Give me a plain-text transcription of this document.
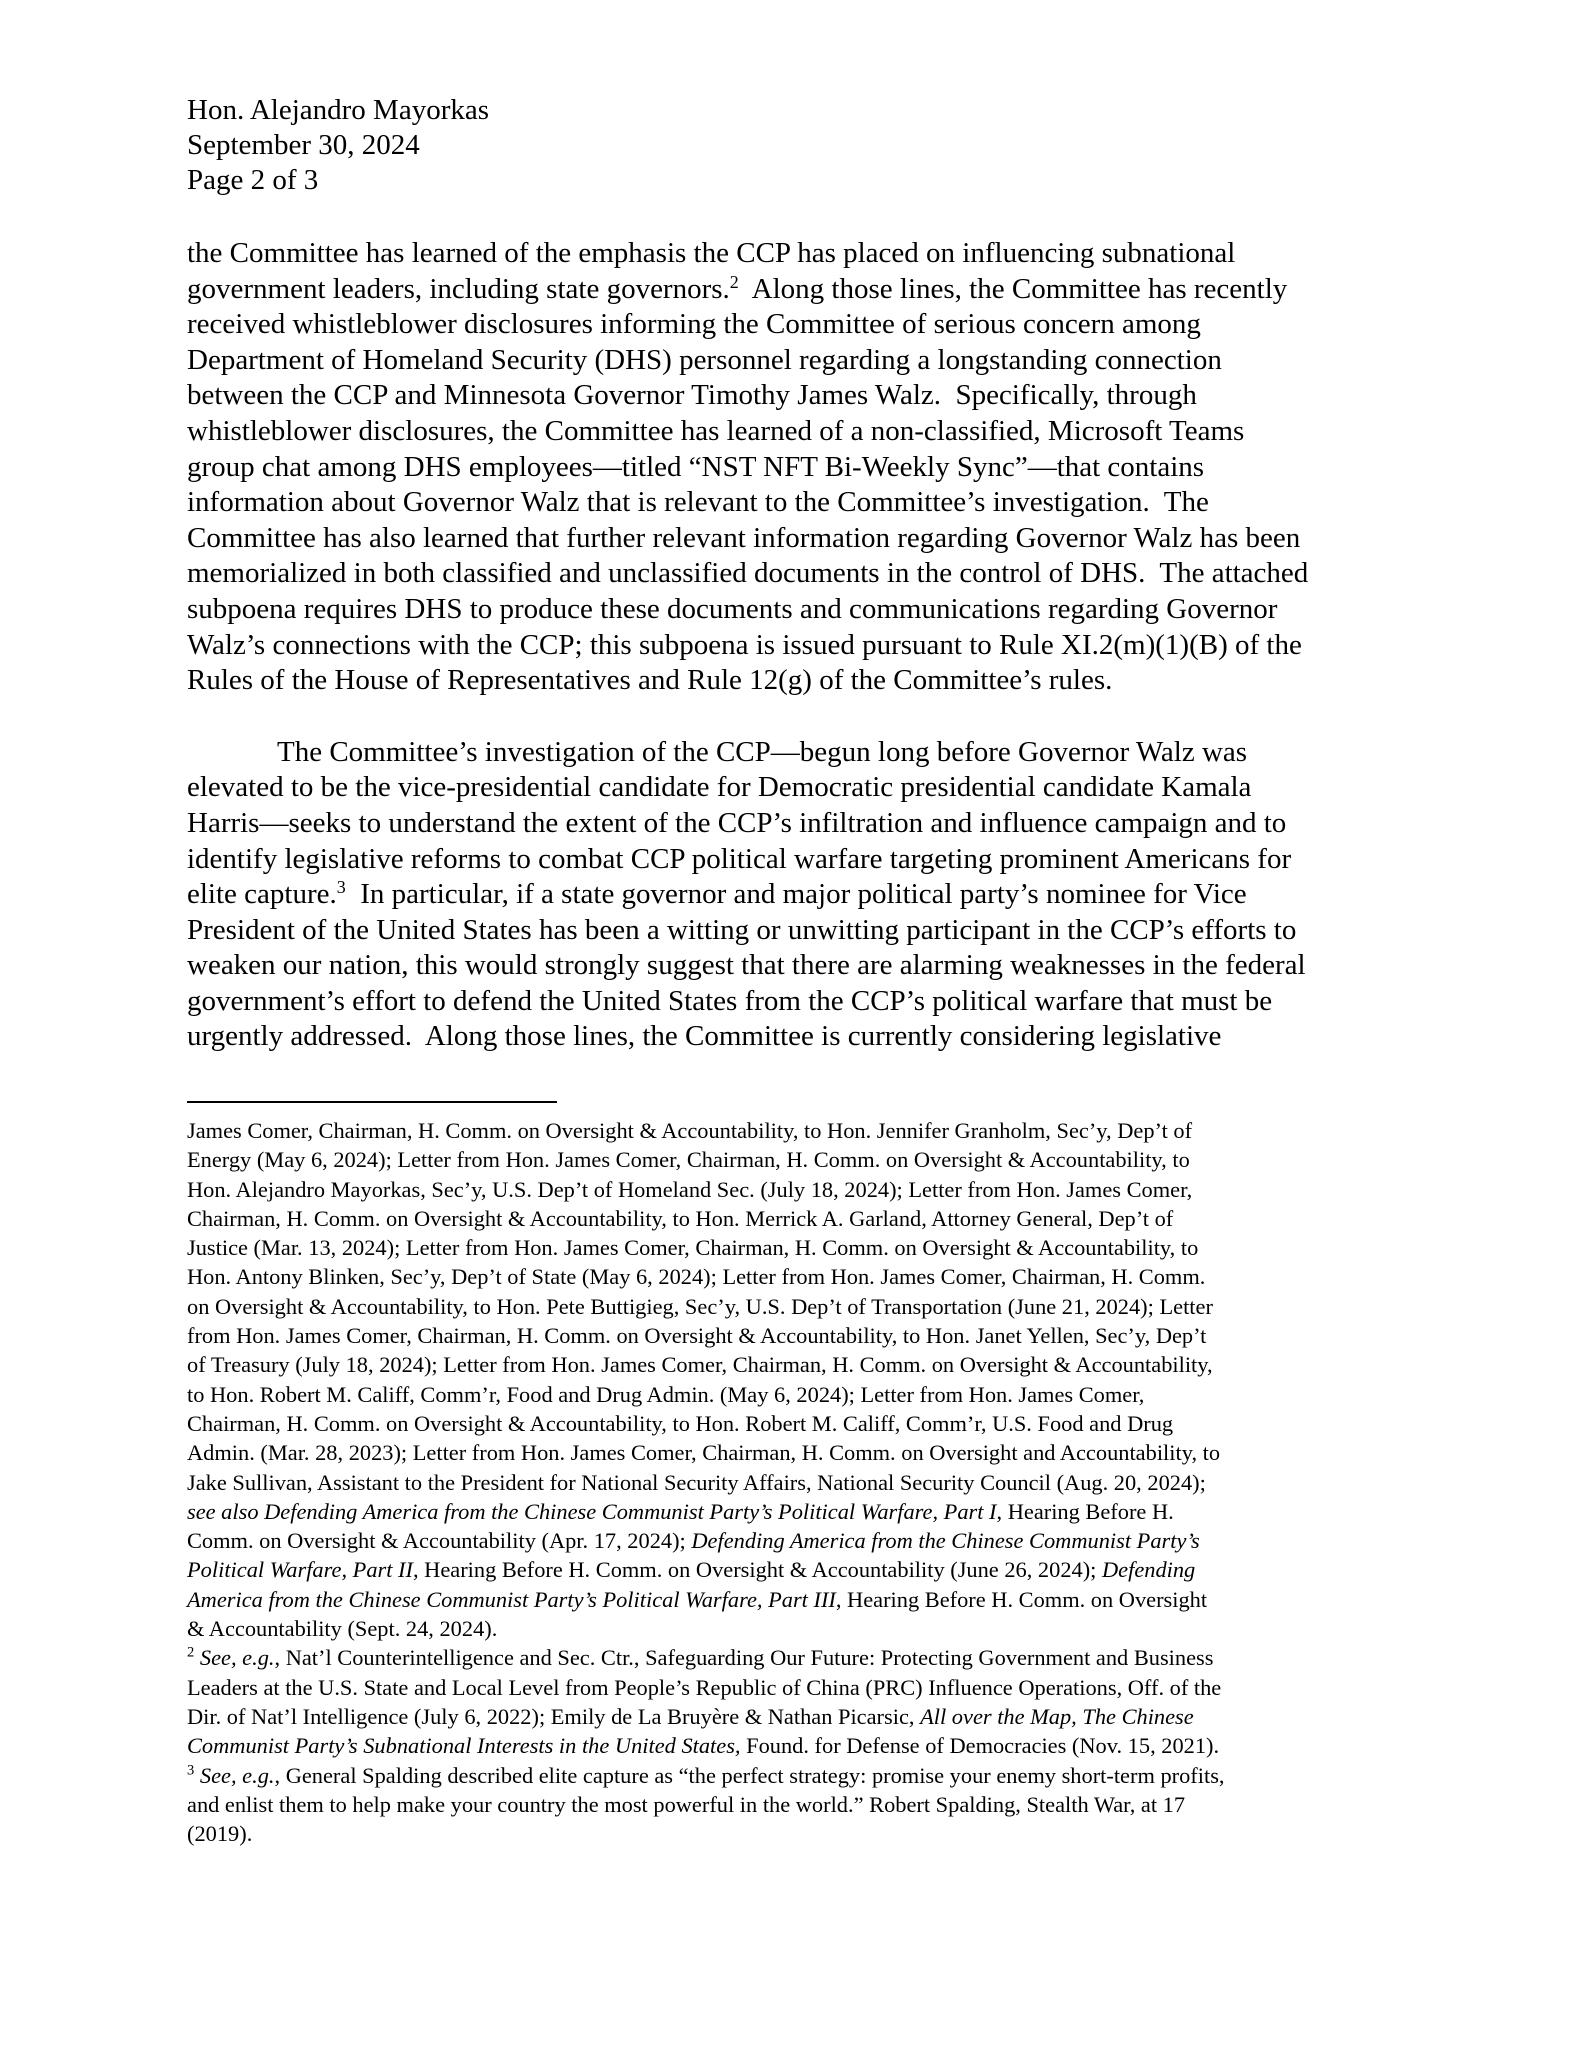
Hon. Alejandro Mayorkas
September 30, 2024
Page 2 of 3
the Committee has learned of the emphasis the CCP has placed on influencing subnational
government leaders, including state governors.$^2$  Along those lines, the Committee has recently
received whistleblower disclosures informing the Committee of serious concern among
Department of Homeland Security (DHS) personnel regarding a longstanding connection
between the CCP and Minnesota Governor Timothy James Walz.  Specifically, through
whistleblower disclosures, the Committee has learned of a non-classified, Microsoft Teams
group chat among DHS employees—titled “NST NFT Bi-Weekly Sync”—that contains
information about Governor Walz that is relevant to the Committee’s investigation.  The
Committee has also learned that further relevant information regarding Governor Walz has been
memorialized in both classified and unclassified documents in the control of DHS.  The attached
subpoena requires DHS to produce these documents and communications regarding Governor
Walz’s connections with the CCP; this subpoena is issued pursuant to Rule XI.2(m)(1)(B) of the
Rules of the House of Representatives and Rule 12(g) of the Committee’s rules.
The Committee’s investigation of the CCP—begun long before Governor Walz was
elevated to be the vice-presidential candidate for Democratic presidential candidate Kamala
Harris—seeks to understand the extent of the CCP’s infiltration and influence campaign and to
identify legislative reforms to combat CCP political warfare targeting prominent Americans for
elite capture.$^3$  In particular, if a state governor and major political party’s nominee for Vice
President of the United States has been a witting or unwitting participant in the CCP’s efforts to
weaken our nation, this would strongly suggest that there are alarming weaknesses in the federal
government’s effort to defend the United States from the CCP’s political warfare that must be
urgently addressed.  Along those lines, the Committee is currently considering legislative
James Comer, Chairman, H. Comm. on Oversight & Accountability, to Hon. Jennifer Granholm, Sec’y, Dep’t of
Energy (May 6, 2024); Letter from Hon. James Comer, Chairman, H. Comm. on Oversight & Accountability, to
Hon. Alejandro Mayorkas, Sec’y, U.S. Dep’t of Homeland Sec. (July 18, 2024); Letter from Hon. James Comer,
Chairman, H. Comm. on Oversight & Accountability, to Hon. Merrick A. Garland, Attorney General, Dep’t of
Justice (Mar. 13, 2024); Letter from Hon. James Comer, Chairman, H. Comm. on Oversight & Accountability, to
Hon. Antony Blinken, Sec’y, Dep’t of State (May 6, 2024); Letter from Hon. James Comer, Chairman, H. Comm.
on Oversight & Accountability, to Hon. Pete Buttigieg, Sec’y, U.S. Dep’t of Transportation (June 21, 2024); Letter
from Hon. James Comer, Chairman, H. Comm. on Oversight & Accountability, to Hon. Janet Yellen, Sec’y, Dep’t
of Treasury (July 18, 2024); Letter from Hon. James Comer, Chairman, H. Comm. on Oversight & Accountability,
to Hon. Robert M. Califf, Comm’r, Food and Drug Admin. (May 6, 2024); Letter from Hon. James Comer,
Chairman, H. Comm. on Oversight & Accountability, to Hon. Robert M. Califf, Comm’r, U.S. Food and Drug
Admin. (Mar. 28, 2023); Letter from Hon. James Comer, Chairman, H. Comm. on Oversight and Accountability, to
Jake Sullivan, Assistant to the President for National Security Affairs, National Security Council (Aug. 20, 2024);
see also Defending America from the Chinese Communist Party’s Political Warfare, Part I, Hearing Before H.
Comm. on Oversight & Accountability (Apr. 17, 2024); Defending America from the Chinese Communist Party’s
Political Warfare, Part II, Hearing Before H. Comm. on Oversight & Accountability (June 26, 2024); Defending
America from the Chinese Communist Party’s Political Warfare, Part III, Hearing Before H. Comm. on Oversight
& Accountability (Sept. 24, 2024).
$^2$ See, e.g., Nat’l Counterintelligence and Sec. Ctr., Safeguarding Our Future: Protecting Government and Business
Leaders at the U.S. State and Local Level from People’s Republic of China (PRC) Influence Operations, Off. of the
Dir. of Nat’l Intelligence (July 6, 2022); Emily de La Bruyère & Nathan Picarsic, All over the Map, The Chinese
Communist Party’s Subnational Interests in the United States, Found. for Defense of Democracies (Nov. 15, 2021).
$^3$ See, e.g., General Spalding described elite capture as “the perfect strategy: promise your enemy short-term profits,
and enlist them to help make your country the most powerful in the world.” Robert Spalding, Stealth War, at 17
(2019).
